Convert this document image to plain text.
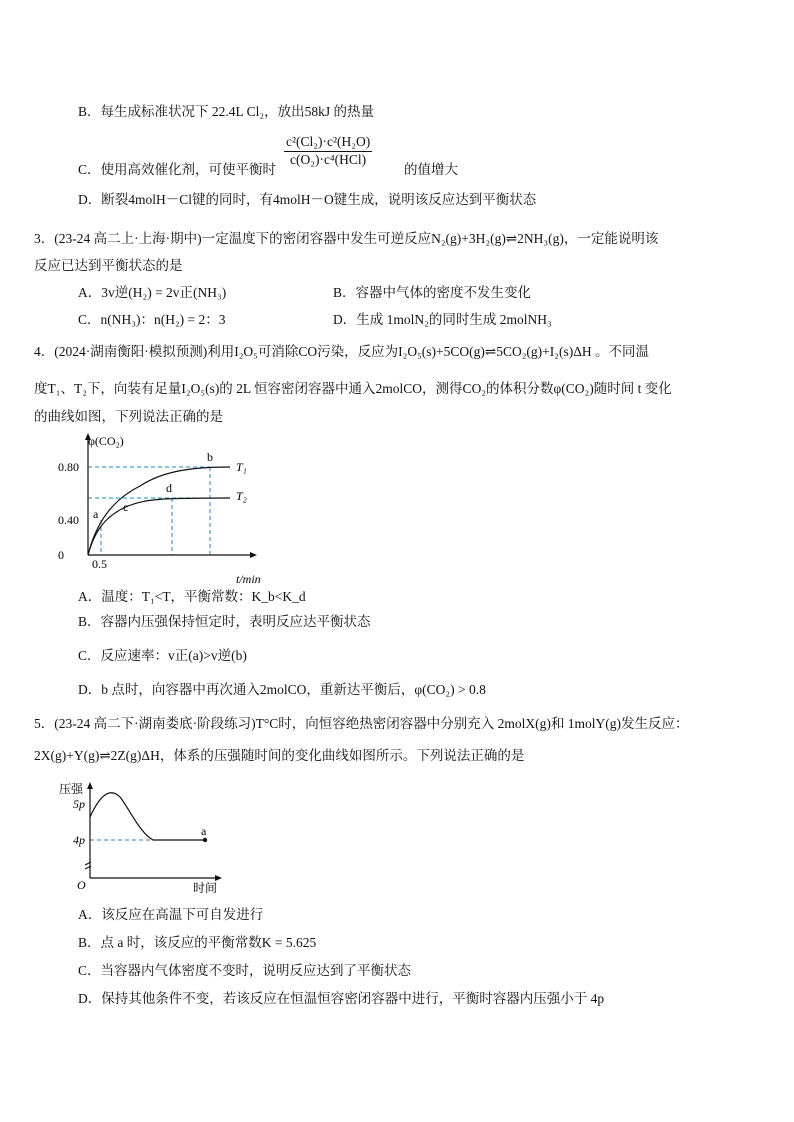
B．每生成标准状况下 22.4L Cl₂，放出58kJ 的热量
C．使用高效催化剂，可使平衡时
c²(Cl₂)·c²(H₂O)
c(O₂)·c⁴(HCl)
的值增大
D．断裂4molH－Cl键的同时，有4molH－O键生成，说明该反应达到平衡状态
3．(23-24 高二上·上海·期中)一定温度下的密闭容器中发生可逆反应N₂(g)+3H₂(g)⇌2NH₃(g)，一定能说明该
反应已达到平衡状态的是
A．3v逆(H₂) = 2v正(NH₃)	B．容器中气体的密度不发生变化
C．n(NH₃)：n(H₂) = 2：3	D．生成 1molN₂的同时生成 2molNH₃
4．(2024·湖南衡阳·模拟预测)利用I₂O₅可消除CO污染，反应为I₂O₅(s)+5CO(g)⇌5CO₂(g)+I₂(s)ΔH 。不同温
度T₁、T₂下，向装有足量I₂O₅(s)的 2L 恒容密闭容器中通入2molCO，测得CO₂的体积分数φ(CO₂)随时间 t 变化
的曲线如图，下列说法正确的是
φ(CO₂)
t/min
0
0.40
0.80
0.5
T₁
T₂
a c
d
b
A．温度：T₁<T，平衡常数：K_b<K_d
B．容器内压强保持恒定时，表明反应达平衡状态
C．反应速率：v正(a)>v逆(b)
D．b 点时，向容器中再次通入2molCO，重新达平衡后，φ(CO₂) > 0.8
5．(23-24 高二下·湖南娄底·阶段练习)T°C时，向恒容绝热密闭容器中分别充入 2molX(g)和 1molY(g)发生反应：
2X(g)+Y(g)⇌2Z(g)ΔH，体系的压强随时间的变化曲线如图所示。下列说法正确的是
压强
5p
4p
O	时间
a
A．该反应在高温下可自发进行
B．点 a 时，该反应的平衡常数K = 5.625
C．当容器内气体密度不变时，说明反应达到了平衡状态
D．保持其他条件不变，若该反应在恒温恒容密闭容器中进行，平衡时容器内压强小于 4p
